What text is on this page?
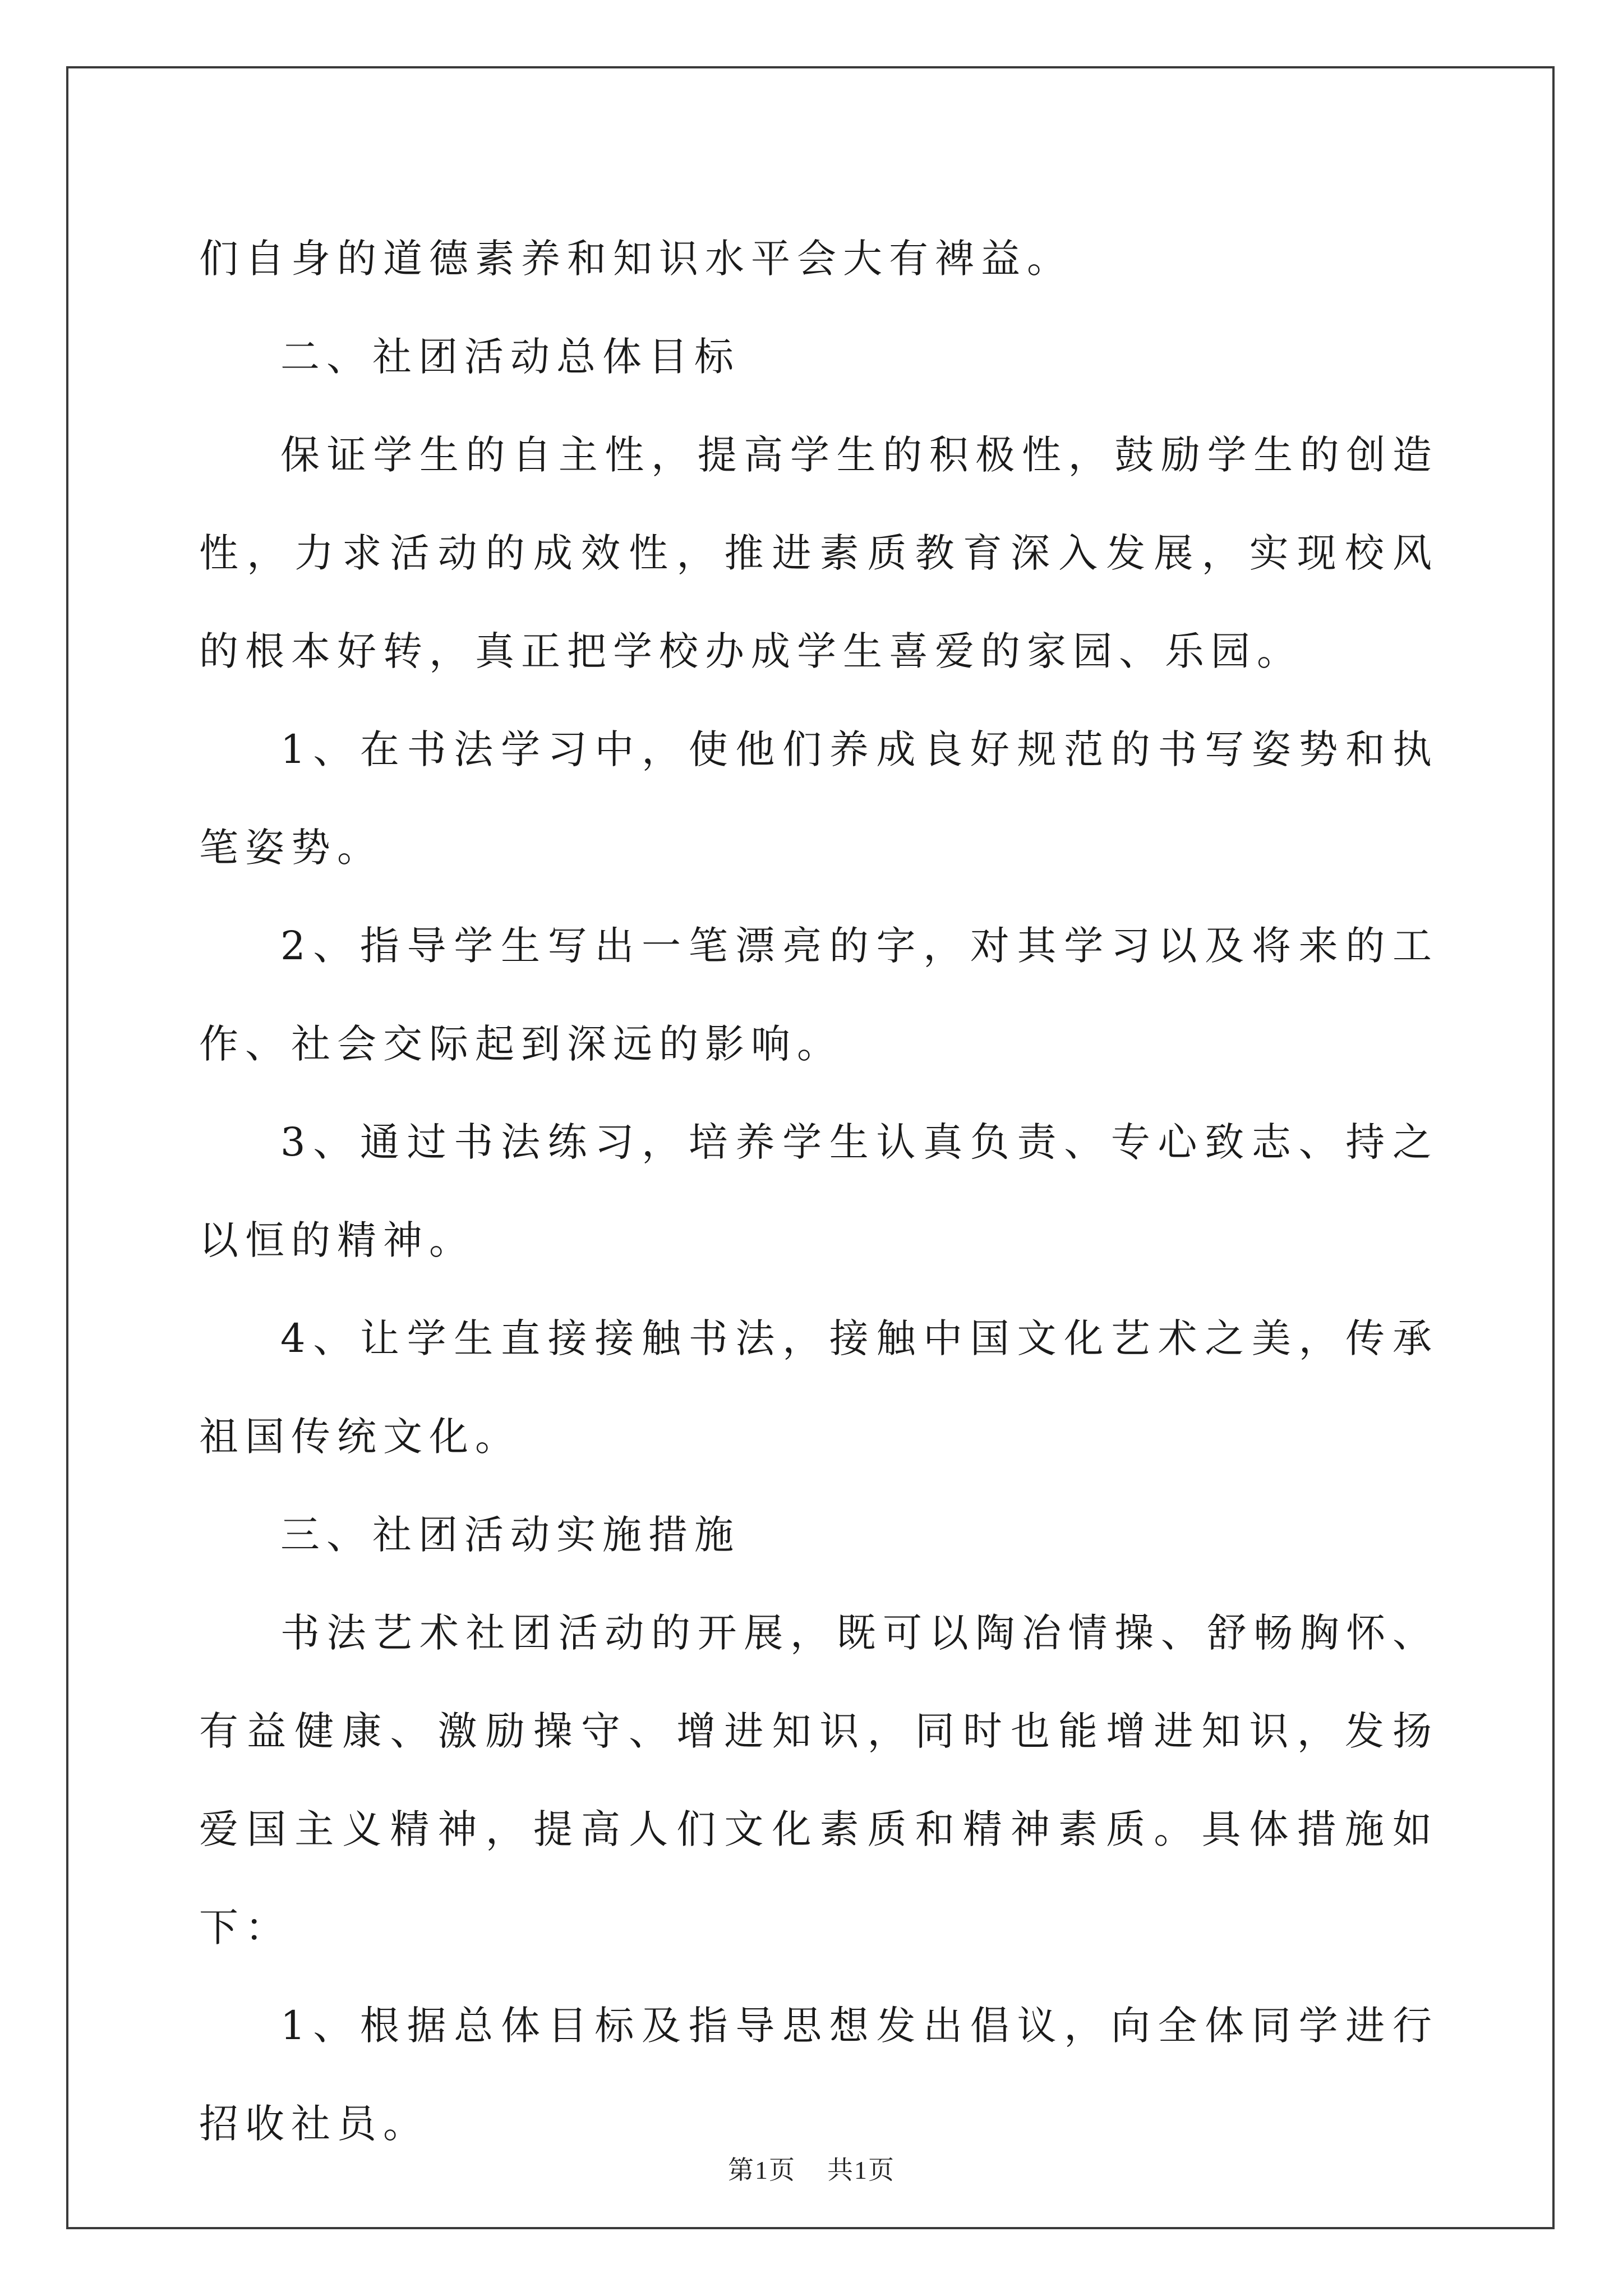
们自身的道德素养和知识水平会大有裨益。

二、社团活动总体目标

保证学生的自主性，提高学生的积极性，鼓励学生的创造性，力求活动的成效性，推进素质教育深入发展，实现校风的根本好转，真正把学校办成学生喜爱的家园、乐园。

1、在书法学习中，使他们养成良好规范的书写姿势和执笔姿势。

2、指导学生写出一笔漂亮的字，对其学习以及将来的工作、社会交际起到深远的影响。

3、通过书法练习，培养学生认真负责、专心致志、持之以恒的精神。

4、让学生直接接触书法，接触中国文化艺术之美，传承祖国传统文化。

三、社团活动实施措施

书法艺术社团活动的开展，既可以陶冶情操、舒畅胸怀、有益健康、激励操守、增进知识，同时也能增进知识，发扬爱国主义精神，提高人们文化素质和精神素质。具体措施如下：

1、根据总体目标及指导思想发出倡议，向全体同学进行招收社员。

第1页 共1页
